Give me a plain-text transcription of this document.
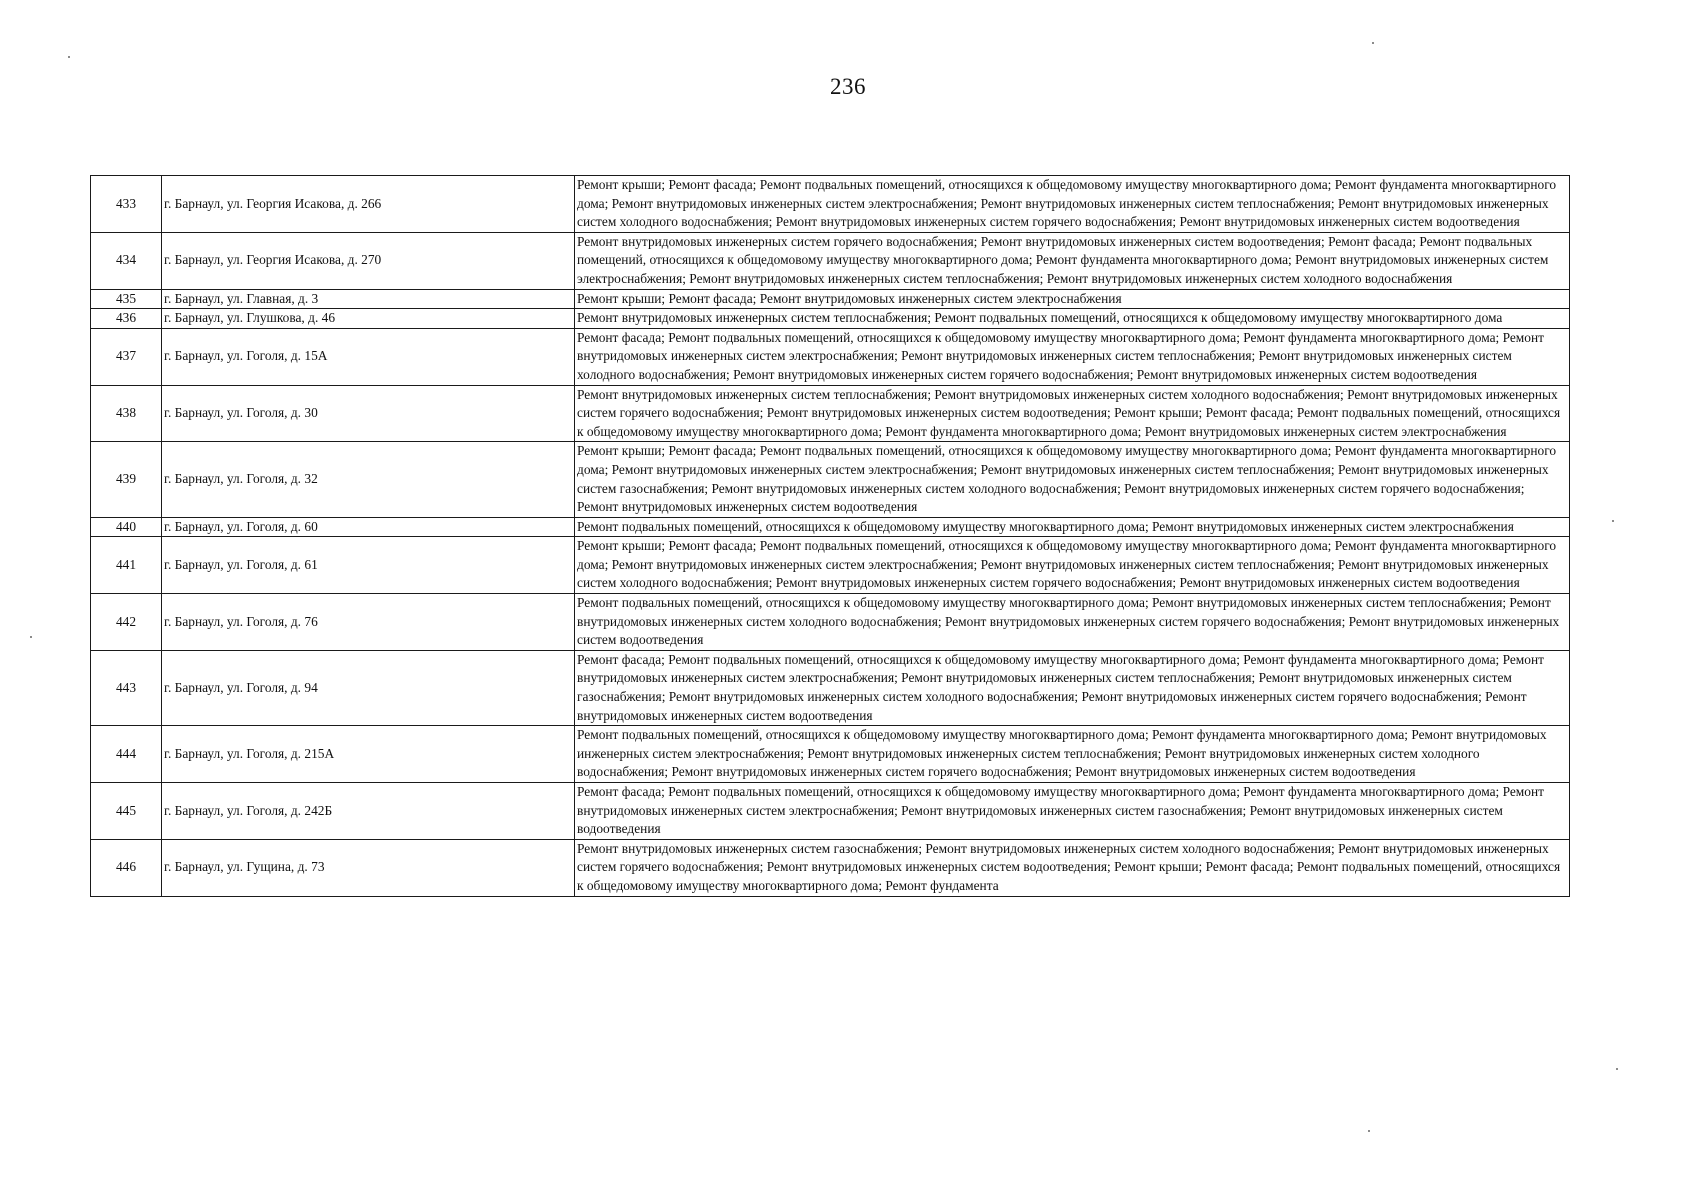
236
433	г. Барнаул, ул. Георгия Исакова, д. 266	Ремонт крыши; Ремонт фасада; Ремонт подвальных помещений, относящихся к общедомовому имуществу многоквартирного дома; Ремонт фундамента многоквартирного дома; Ремонт внутридомовых инженерных систем электроснабжения; Ремонт внутридомовых инженерных систем теплоснабжения; Ремонт внутридомовых инженерных систем холодного водоснабжения; Ремонт внутридомовых инженерных систем горячего водоснабжения; Ремонт внутридомовых инженерных систем водоотведения
434	г. Барнаул, ул. Георгия Исакова, д. 270	Ремонт внутридомовых инженерных систем горячего водоснабжения; Ремонт внутридомовых инженерных систем водоотведения; Ремонт фасада; Ремонт подвальных помещений, относящихся к общедомовому имуществу многоквартирного дома; Ремонт фундамента многоквартирного дома; Ремонт внутридомовых инженерных систем электроснабжения; Ремонт внутридомовых инженерных систем теплоснабжения; Ремонт внутридомовых инженерных систем холодного водоснабжения
435	г. Барнаул, ул. Главная, д. 3	Ремонт крыши; Ремонт фасада; Ремонт внутридомовых инженерных систем электроснабжения
436	г. Барнаул, ул. Глушкова, д. 46	Ремонт внутридомовых инженерных систем теплоснабжения; Ремонт подвальных помещений, относящихся к общедомовому имуществу многоквартирного дома
437	г. Барнаул, ул. Гоголя, д. 15А	Ремонт фасада; Ремонт подвальных помещений, относящихся к общедомовому имуществу многоквартирного дома; Ремонт фундамента многоквартирного дома; Ремонт внутридомовых инженерных систем электроснабжения; Ремонт внутридомовых инженерных систем теплоснабжения; Ремонт внутридомовых инженерных систем холодного водоснабжения; Ремонт внутридомовых инженерных систем горячего водоснабжения; Ремонт внутридомовых инженерных систем водоотведения
438	г. Барнаул, ул. Гоголя, д. 30	Ремонт внутридомовых инженерных систем теплоснабжения; Ремонт внутридомовых инженерных систем холодного водоснабжения; Ремонт внутридомовых инженерных систем горячего водоснабжения; Ремонт внутридомовых инженерных систем водоотведения; Ремонт крыши; Ремонт фасада; Ремонт подвальных помещений, относящихся к общедомовому имуществу многоквартирного дома; Ремонт фундамента многоквартирного дома; Ремонт внутридомовых инженерных систем электроснабжения
439	г. Барнаул, ул. Гоголя, д. 32	Ремонт крыши; Ремонт фасада; Ремонт подвальных помещений, относящихся к общедомовому имуществу многоквартирного дома; Ремонт фундамента многоквартирного дома; Ремонт внутридомовых инженерных систем электроснабжения; Ремонт внутридомовых инженерных систем теплоснабжения; Ремонт внутридомовых инженерных систем газоснабжения; Ремонт внутридомовых инженерных систем холодного водоснабжения; Ремонт внутридомовых инженерных систем горячего водоснабжения; Ремонт внутридомовых инженерных систем водоотведения
440	г. Барнаул, ул. Гоголя, д. 60	Ремонт подвальных помещений, относящихся к общедомовому имуществу многоквартирного дома; Ремонт внутридомовых инженерных систем электроснабжения
441	г. Барнаул, ул. Гоголя, д. 61	Ремонт крыши; Ремонт фасада; Ремонт подвальных помещений, относящихся к общедомовому имуществу многоквартирного дома; Ремонт фундамента многоквартирного дома; Ремонт внутридомовых инженерных систем электроснабжения; Ремонт внутридомовых инженерных систем теплоснабжения; Ремонт внутридомовых инженерных систем холодного водоснабжения; Ремонт внутридомовых инженерных систем горячего водоснабжения; Ремонт внутридомовых инженерных систем водоотведения
442	г. Барнаул, ул. Гоголя, д. 76	Ремонт подвальных помещений, относящихся к общедомовому имуществу многоквартирного дома; Ремонт внутридомовых инженерных систем теплоснабжения; Ремонт внутридомовых инженерных систем холодного водоснабжения; Ремонт внутридомовых инженерных систем горячего водоснабжения; Ремонт внутридомовых инженерных систем водоотведения
443	г. Барнаул, ул. Гоголя, д. 94	Ремонт фасада; Ремонт подвальных помещений, относящихся к общедомовому имуществу многоквартирного дома; Ремонт фундамента многоквартирного дома; Ремонт внутридомовых инженерных систем электроснабжения; Ремонт внутридомовых инженерных систем теплоснабжения; Ремонт внутридомовых инженерных систем газоснабжения; Ремонт внутридомовых инженерных систем холодного водоснабжения; Ремонт внутридомовых инженерных систем горячего водоснабжения; Ремонт внутридомовых инженерных систем водоотведения
444	г. Барнаул, ул. Гоголя, д. 215А	Ремонт подвальных помещений, относящихся к общедомовому имуществу многоквартирного дома; Ремонт фундамента многоквартирного дома; Ремонт внутридомовых инженерных систем электроснабжения; Ремонт внутридомовых инженерных систем теплоснабжения; Ремонт внутридомовых инженерных систем холодного водоснабжения; Ремонт внутридомовых инженерных систем горячего водоснабжения; Ремонт внутридомовых инженерных систем водоотведения
445	г. Барнаул, ул. Гоголя, д. 242Б	Ремонт фасада; Ремонт подвальных помещений, относящихся к общедомовому имуществу многоквартирного дома; Ремонт фундамента многоквартирного дома; Ремонт внутридомовых инженерных систем электроснабжения; Ремонт внутридомовых инженерных систем газоснабжения; Ремонт внутридомовых инженерных систем водоотведения
446	г. Барнаул, ул. Гущина, д. 73	Ремонт внутридомовых инженерных систем газоснабжения; Ремонт внутридомовых инженерных систем холодного водоснабжения; Ремонт внутридомовых инженерных систем горячего водоснабжения; Ремонт внутридомовых инженерных систем водоотведения; Ремонт крыши; Ремонт фасада; Ремонт подвальных помещений, относящихся к общедомовому имуществу многоквартирного дома; Ремонт фундамента
